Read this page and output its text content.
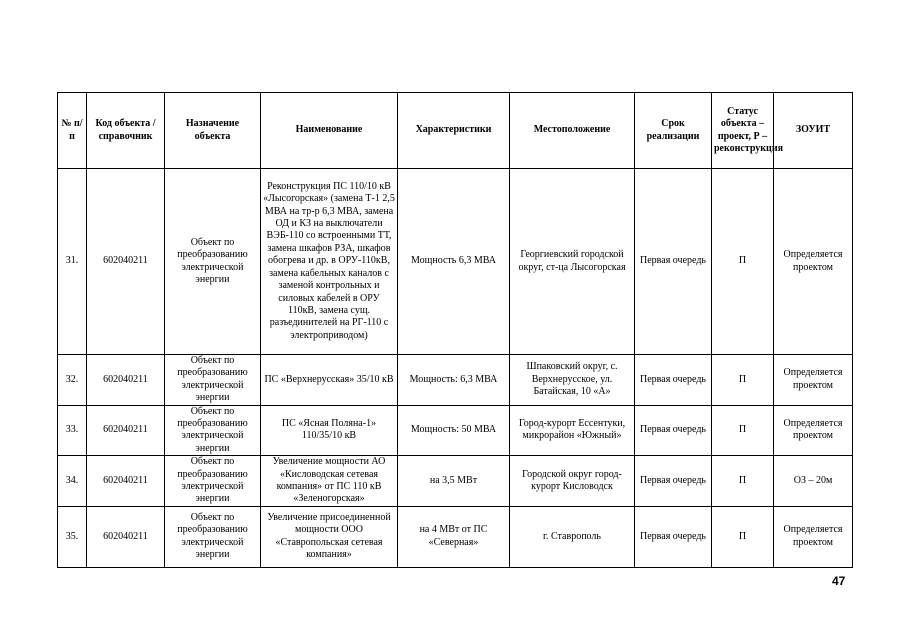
№ п/п	Код объекта / справочник	Назначение объекта	Наименование	Характеристики	Местоположение	Срок реализации	Статус объекта – проект, Р – реконструкция	ЗОУИТ
31.	602040211	Объект по преобразованию электрической энергии	Реконструкция ПС 110/10 кВ «Лысогорская» (замена Т-1 2,5 МВА на тр-р 6,3 МВА, замена ОД и КЗ на выключатели ВЭБ-110 со встроенными ТТ, замена шкафов РЗА, шкафов обогрева и др. в ОРУ-110кВ, замена кабельных каналов с заменой контрольных и силовых кабелей в ОРУ 110кВ, замена сущ. разъединителей на РГ-110 с электроприводом)	Мощность 6,3 МВА	Георгиевский городской округ, ст-ца Лысогорская	Первая очередь	П	Определяется проектом
32.	602040211	Объект по преобразованию электрической энергии	ПС «Верхнерусская» 35/10 кВ	Мощность: 6,3 МВА	Шпаковский округ, с. Верхнерусское, ул. Батайская, 10 «А»	Первая очередь	П	Определяется проектом
33.	602040211	Объект по преобразованию электрической энергии	ПС «Ясная Поляна-1» 110/35/10 кВ	Мощность: 50 МВА	Город-курорт Ессентуки, микрорайон «Южный»	Первая очередь	П	Определяется проектом
34.	602040211	Объект по преобразованию электрической энергии	Увеличение мощности АО «Кисловодская сетевая компания» от ПС 110 кВ «Зеленогорская»	на 3,5 МВт	Городской округ город-курорт Кисловодск	Первая очередь	П	ОЗ – 20м
35.	602040211	Объект по преобразованию электрической энергии	Увеличение присоединенной мощности ООО «Ставропольская сетевая компания»	на 4 МВт от ПС «Северная»	г. Ставрополь	Первая очередь	П	Определяется проектом
47
